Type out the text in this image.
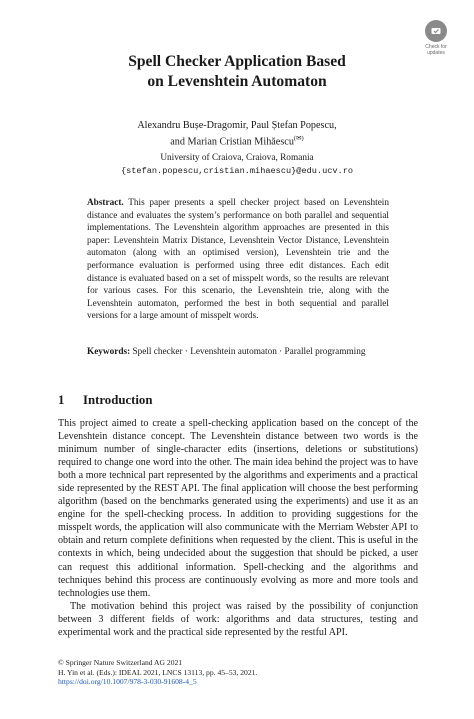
Check for updates
Spell Checker Application Based
on Levenshtein Automaton
Alexandru Bușe-Dragomir, Paul Ștefan Popescu,
and Marian Cristian Mihăescu(✉)
University of Craiova, Craiova, Romania
{stefan.popescu,cristian.mihaescu}@edu.ucv.ro

Abstract. This paper presents a spell checker project based on Levenshtein distance and evaluates the system’s performance on both parallel and sequential implementations. The Levenshtein algorithm approaches are presented in this paper: Levenshtein Matrix Distance, Levenshtein Vector Distance, Levenshtein automaton (along with an optimised version), Levenshtein trie and the performance evaluation is performed using three edit distances. Each edit distance is evaluated based on a set of misspelt words, so the results are relevant for various cases. For this scenario, the Levenshtein trie, along with the Levenshtein automaton, performed the best in both sequential and parallel versions for a large amount of misspelt words.

Keywords: Spell checker · Levenshtein automaton · Parallel programming
1 Introduction

This project aimed to create a spell-checking application based on the concept of the Levenshtein distance concept. The Levenshtein distance between two words is the minimum number of single-character edits (insertions, deletions or substitutions) required to change one word into the other. The main idea behind the project was to have both a more technical part represented by the algorithms and experiments and a practical side represented by the REST API. The final application will choose the best performing algorithm (based on the benchmarks generated using the experiments) and use it as an engine for the spell-checking process. In addition to providing suggestions for the misspelt words, the application will also communicate with the Merriam Webster API to obtain and return complete definitions when requested by the client. This is useful in the contexts in which, being undecided about the suggestion that should be picked, a user can request this additional information. Spell-checking and the algorithms and techniques behind this process are continuously evolving as more and more tools and technologies use them.

The motivation behind this project was raised by the possibility of conjunction between 3 different fields of work: algorithms and data structures, testing and experimental work and the practical side represented by the restful API.

© Springer Nature Switzerland AG 2021
H. Yin et al. (Eds.): IDEAL 2021, LNCS 13113, pp. 45–53, 2021.
https://doi.org/10.1007/978-3-030-91608-4_5
